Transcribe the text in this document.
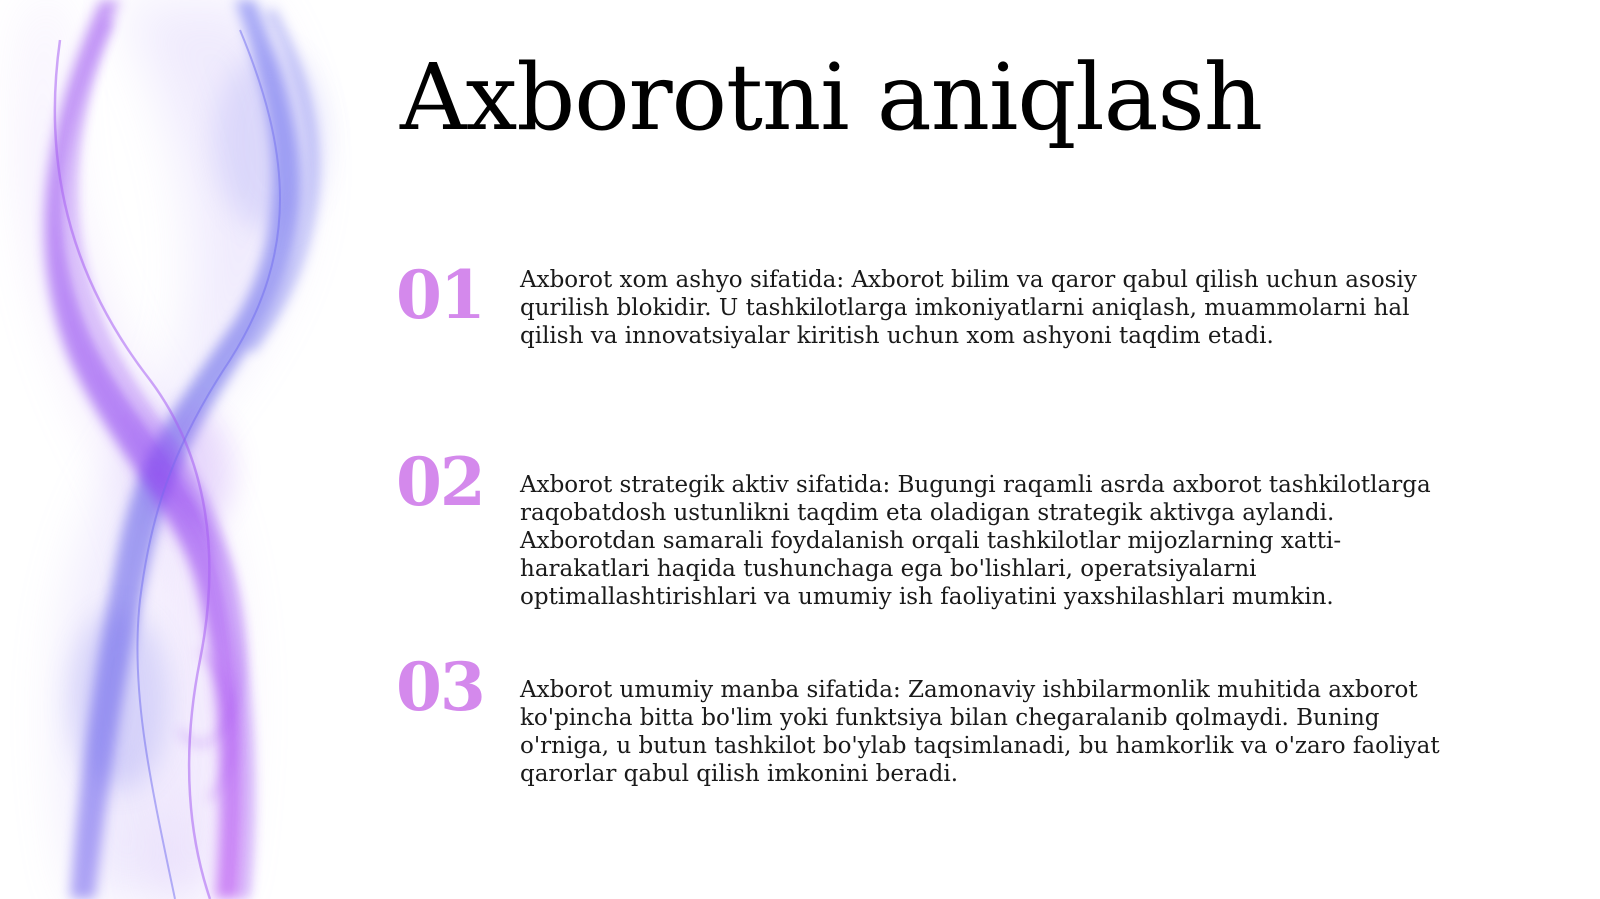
Axborotni aniqlash
01 Axborot xom ashyo sifatida: Axborot bilim va qaror qabul qilish uchun asosiy qurilish blokidir. U tashkilotlarga imkoniyatlarni aniqlash, muammolarni hal qilish va innovatsiyalar kiritish uchun xom ashyoni taqdim etadi.
02 Axborot strategik aktiv sifatida: Bugungi raqamli asrda axborot tashkilotlarga raqobatdosh ustunlikni taqdim eta oladigan strategik aktivga aylandi. Axborotdan samarali foydalanish orqali tashkilotlar mijozlarning xatti-harakatlari haqida tushunchaga ega bo'lishlari, operatsiyalarni optimallashtirishlari va umumiy ish faoliyatini yaxshilashlari mumkin.
03 Axborot umumiy manba sifatida: Zamonaviy ishbilarmonlik muhitida axborot ko'pincha bitta bo'lim yoki funktsiya bilan chegaralanib qolmaydi. Buning o'rniga, u butun tashkilot bo'ylab taqsimlanadi, bu hamkorlik va o'zaro faoliyat qarorlar qabul qilish imkonini beradi.
